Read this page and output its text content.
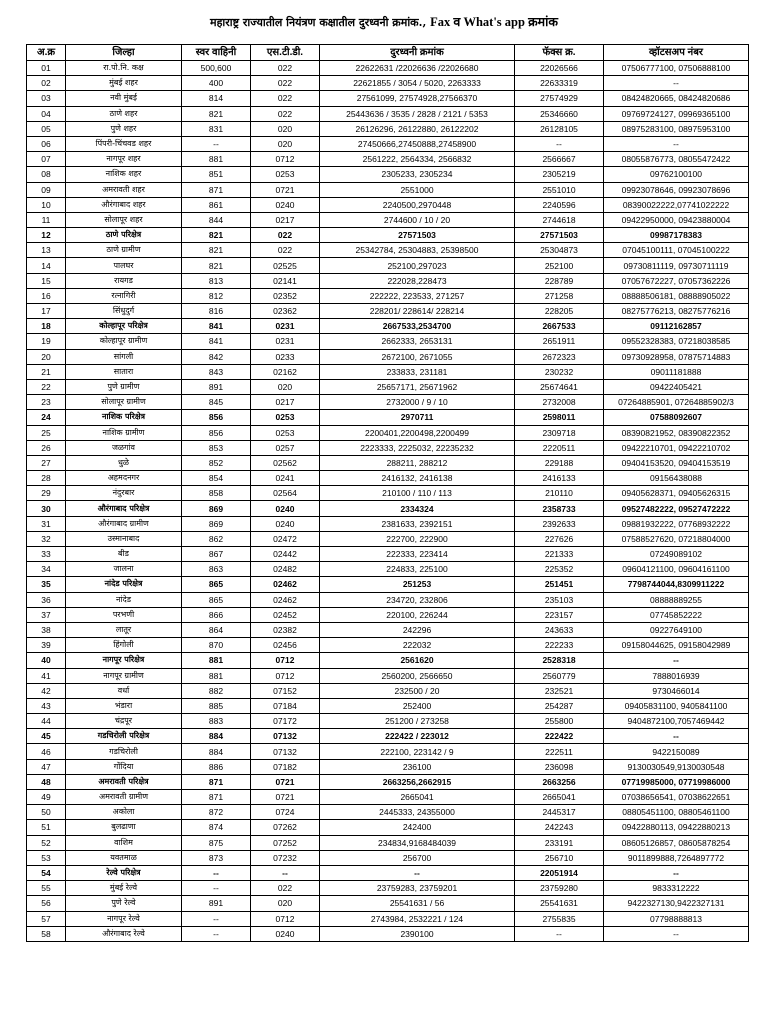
महाराष्ट्र राज्यातील नियंत्रण कक्षातील दुरध्वनी क्रमांक., Fax व What's app क्रमांक
अ.क्र	जिल्हा	स्वर वाहिनी	एस.टी.डी.	दुरध्वनी क्रमांक	फॅक्स क्र.	व्हॉटसअप नंबर
01	रा.पो.नि. कक्ष	500,600	022	22622631 /22026636 /22026680	22026566	07506777100, 07506888100
02	मुंबई शहर	400	022	22621855 / 3054 / 5020, 2263333	22633319	--
03	नवी मुंबई	814	022	27561099, 27574928,27566370	27574929	08424820665, 08424820686
04	ठाणे शहर	821	022	25443636 / 3535 / 2828 / 2121 / 5353	25346660	09769724127, 09969365100
05	पुणे शहर	831	020	26126296, 26122880, 26122202	26128105	08975283100, 08975953100
06	पिंपरी-चिंचवड शहर	--	020	27450666,27450888,27458900	--	--
07	नागपूर शहर	881	0712	2561222, 2564334, 2566832	2566667	08055876773, 08055472422
08	नाशिक शहर	851	0253	2305233, 2305234	2305219	09762100100
09	अमरावती शहर	871	0721	2551000	2551010	09923078646, 09923078696
10	औरंगाबाद शहर	861	0240	2240500,2970448	2240596	08390022222,07741022222
11	सोलापूर शहर	844	0217	2744600 / 10 / 20	2744618	09422950000, 09423880004
12	ठाणे परिक्षेत्र	821	022	27571503	27571503	09987178383
13	ठाणे ग्रामीण	821	022	25342784, 25304883, 25398500	25304873	07045100111, 07045100222
14	पालघर	821	02525	252100,297023	252100	09730811119, 09730711119
15	रायगड	813	02141	222028,228473	228789	07057672227, 07057362226
16	रत्नागिरी	812	02352	222222, 223533, 271257	271258	08888506181, 08888905022
17	सिंधुदुर्ग	816	02362	228201/ 228614/ 228214	228205	08275776213, 08275776216
18	कोल्हापूर परिक्षेत्र	841	0231	2667533,2534700	2667533	09112162857
19	कोल्हापूर ग्रामीण	841	0231	2662333, 2653131	2651911	09552328383, 07218038585
20	सांगली	842	0233	2672100, 2671055	2672323	09730928958, 07875714883
21	सातारा	843	02162	233833, 231181	230232	09011181888
22	पुणे ग्रामीण	891	020	25657171, 25671962	25674641	09422405421
23	सोलापूर ग्रामीण	845	0217	2732000 / 9 / 10	2732008	07264885901, 07264885902/3
24	नाशिक परिक्षेत्र	856	0253	2970711	2598011	07588092607
25	नाशिक ग्रामीण	856	0253	2200401,2200498,2200499	2309718	08390821952, 08390822352
26	जळगांव	853	0257	2223333, 2225032, 22235232	2220511	09422210701, 09422210702
27	धुळे	852	02562	288211, 288212	229188	09404153520, 09404153519
28	अहमदनगर	854	0241	2416132, 2416138	2416133	09156438088
29	नंदुरबार	858	02564	210100 / 110 / 113	210110	09405628371, 09405626315
30	औरंगाबाद परिक्षेत्र	869	0240	2334324	2358733	09527482222, 09527472222
31	औरंगाबाद ग्रामीण	869	0240	2381633, 2392151	2392633	09881932222, 07768932222
32	उस्मानाबाद	862	02472	222700, 222900	227626	07588527620, 07218804000
33	बीड	867	02442	222333, 223414	221333	07249089102
34	जालना	863	02482	224833, 225100	225352	09604121100, 09604161100
35	नांदेड परिक्षेत्र	865	02462	251253	251451	7798744044,8309911222
36	नांदेड	865	02462	234720, 232806	235103	08888889255
37	परभणी	866	02452	220100, 226244	223157	07745852222
38	लातूर	864	02382	242296	243633	09227649100
39	हिंगोली	870	02456	222032	222233	09158044625, 09158042989
40	नागपूर परिक्षेत्र	881	0712	2561620	2528318	--
41	नागपूर ग्रामीण	881	0712	2560200, 2566650	2560779	7888016939
42	वर्धा	882	07152	232500 / 20	232521	9730466014
43	भंडारा	885	07184	252400	254287	09405831100, 9405841100
44	चंद्रपूर	883	07172	251200 / 273258	255800	9404872100,7057469442
45	गडचिरोली परिक्षेत्र	884	07132	222422 / 223012	222422	--
46	गडचिरोली	884	07132	222100, 223142 / 9	222511	9422150089
47	गोंदिया	886	07182	236100	236098	9130030549,9130030548
48	अमरावती परिक्षेत्र	871	0721	2663256,2662915	2663256	07719985000, 07719986000
49	अमरावती ग्रामीण	871	0721	2665041	2665041	07038656541, 07038622651
50	अकोला	872	0724	2445333, 24355000	2445317	08805451100, 08805461100
51	बुलढाणा	874	07262	242400	242243	09422880113, 09422880213
52	वाशिम	875	07252	234834,9168484039	233191	08605126857, 08605878254
53	यवतमाळ	873	07232	256700	256710	9011899888,7264897772
54	रेल्वे परिक्षेत्र	--	--	--	22051914	--
55	मुंबई रेल्वे	--	022	23759283, 23759201	23759280	9833312222
56	पुणे रेल्वे	891	020	25541631 / 56	25541631	9422327130,9422327131
57	नागपूर रेल्वे	--	0712	2743984, 2532221 / 124	2755835	07798888813
58	औरंगाबाद रेल्वे	--	0240	2390100	--	--
